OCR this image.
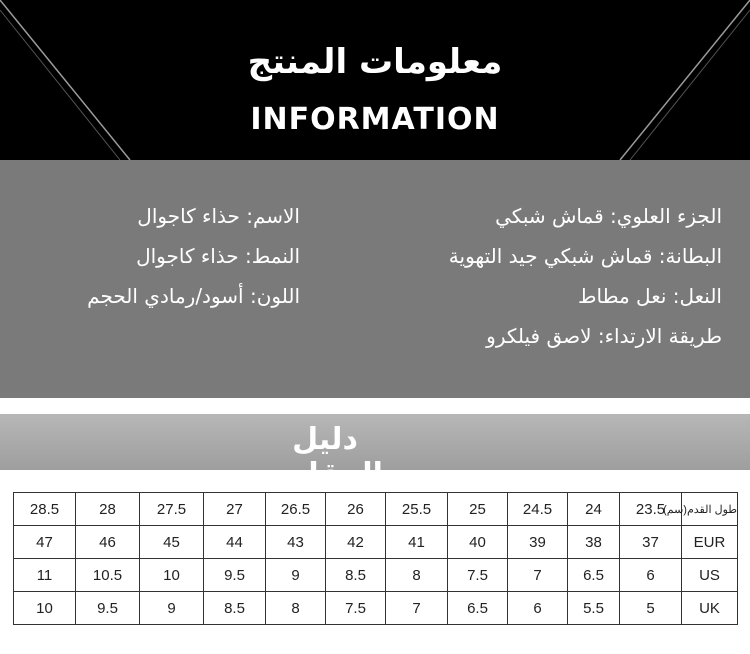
معلومات المنتج
INFORMATION
الجزء العلوي: قماش شبكي
البطانة: قماش شبكي جيد التهوية
النعل: نعل مطاط
طريقة الارتداء: لاصق فيلكرو
الاسم: حذاء كاجوال
النمط: حذاء كاجوال
اللون: أسود/رمادي الحجم
دليل المقاس
28.5	28	27.5	27	26.5	26	25.5	25	24.5	24	23.5	طول القدم(سم)
47	46	45	44	43	42	41	40	39	38	37	EUR
11	10.5	10	9.5	9	8.5	8	7.5	7	6.5	6	US
10	9.5	9	8.5	8	7.5	7	6.5	6	5.5	5	UK
